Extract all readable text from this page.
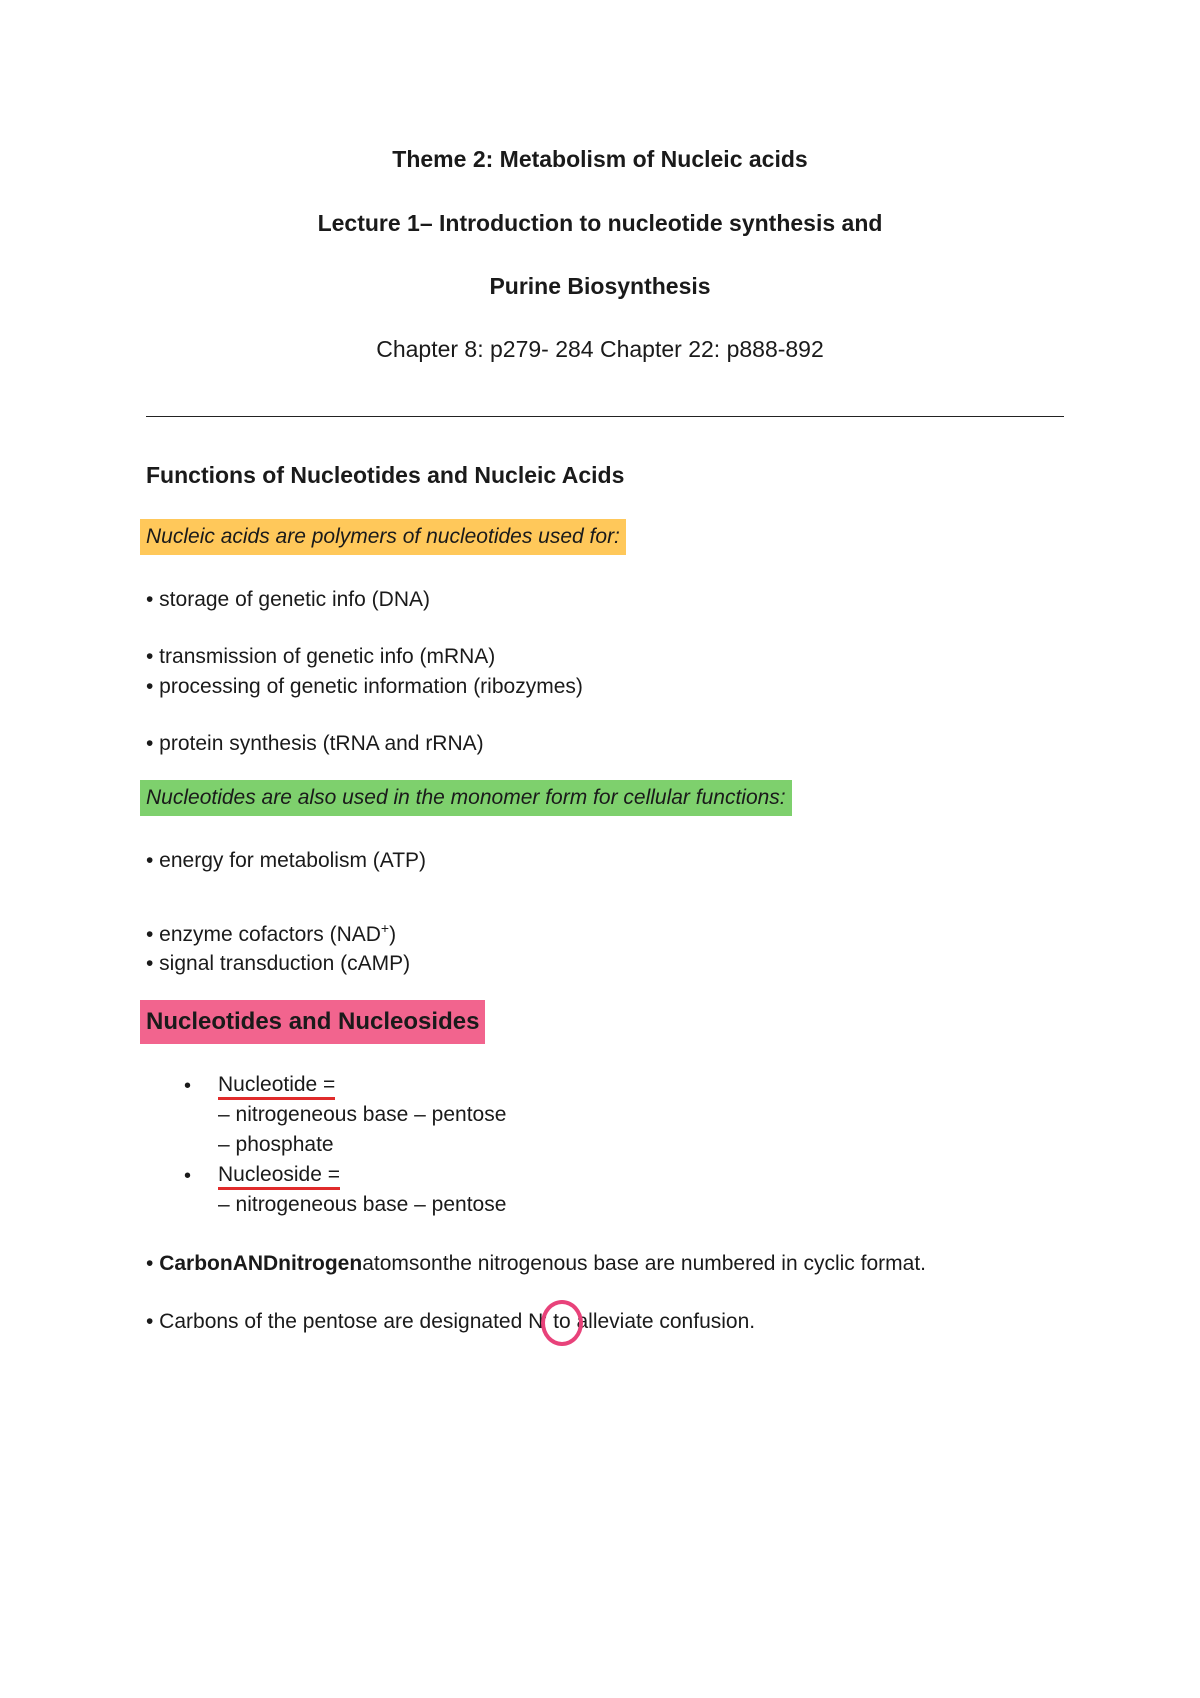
Theme 2: Metabolism of Nucleic acids
Lecture 1– Introduction to nucleotide synthesis and
Purine Biosynthesis
Chapter 8: p279- 284 Chapter 22: p888-892
Functions of Nucleotides and Nucleic Acids
Nucleic acids are polymers of nucleotides used for:
• storage of genetic info (DNA)
• transmission of genetic info (mRNA)
• processing of genetic information (ribozymes)
• protein synthesis (tRNA and rRNA)
Nucleotides are also used in the monomer form for cellular functions:
• energy for metabolism (ATP)
• enzyme cofactors (NAD+)
• signal transduction (cAMP)
Nucleotides and Nucleosides
• Nucleotide =
– nitrogeneous base – pentose
– phosphate
• Nucleoside =
– nitrogeneous base – pentose
• CarbonANDnitrogenatomsonthe nitrogenous base are numbered in cyclic format.
• Carbons of the pentose are designated N' to alleviate confusion.
